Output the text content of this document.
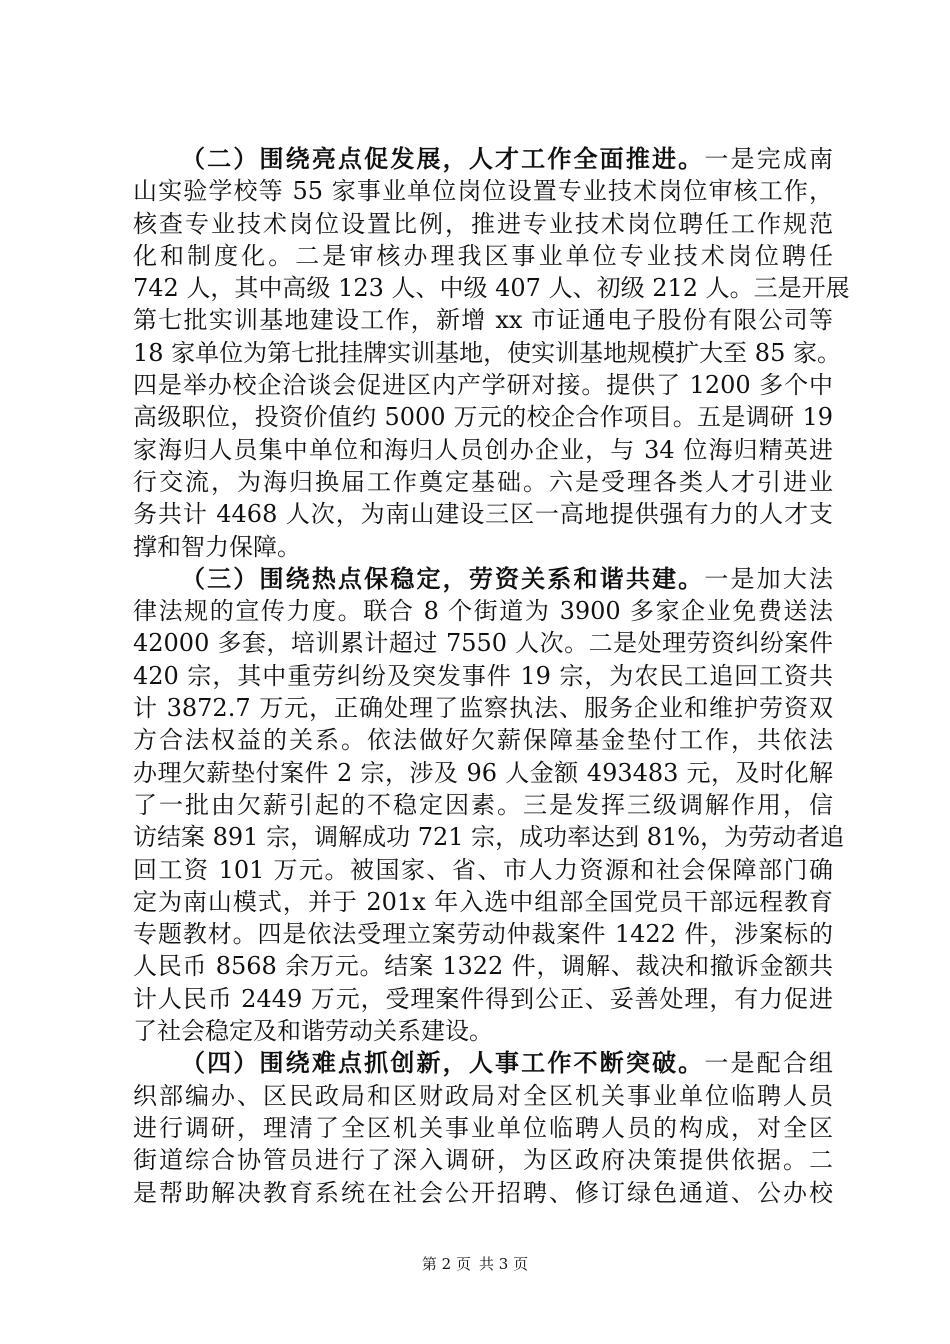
（二）围绕亮点促发展，人才工作全面推进。一是完成南
山实验学校等 55 家事业单位岗位设置专业技术岗位审核工作，
核查专业技术岗位设置比例，推进专业技术岗位聘任工作规范
化和制度化。二是审核办理我区事业单位专业技术岗位聘任
742 人，其中高级 123 人、中级 407 人、初级 212 人。三是开展
第七批实训基地建设工作，新增 xx 市证通电子股份有限公司等
18 家单位为第七批挂牌实训基地，使实训基地规模扩大至 85 家。
四是举办校企洽谈会促进区内产学研对接。提供了 1200 多个中
高级职位，投资价值约 5000 万元的校企合作项目。五是调研 19
家海归人员集中单位和海归人员创办企业，与 34 位海归精英进
行交流，为海归换届工作奠定基础。六是受理各类人才引进业
务共计 4468 人次，为南山建设三区一高地提供强有力的人才支
撑和智力保障。
（三）围绕热点保稳定，劳资关系和谐共建。一是加大法
律法规的宣传力度。联合 8 个街道为 3900 多家企业免费送法
42000 多套，培训累计超过 7550 人次。二是处理劳资纠纷案件
420 宗，其中重劳纠纷及突发事件 19 宗，为农民工追回工资共
计 3872.7 万元，正确处理了监察执法、服务企业和维护劳资双
方合法权益的关系。依法做好欠薪保障基金垫付工作，共依法
办理欠薪垫付案件 2 宗，涉及 96 人金额 493483 元，及时化解
了一批由欠薪引起的不稳定因素。三是发挥三级调解作用，信
访结案 891 宗，调解成功 721 宗，成功率达到 81%，为劳动者追
回工资 101 万元。被国家、省、市人力资源和社会保障部门确
定为南山模式，并于 201x 年入选中组部全国党员干部远程教育
专题教材。四是依法受理立案劳动仲裁案件 1422 件，涉案标的
人民币 8568 余万元。结案 1322 件，调解、裁决和撤诉金额共
计人民币 2449 万元，受理案件得到公正、妥善处理，有力促进
了社会稳定及和谐劳动关系建设。
（四）围绕难点抓创新，人事工作不断突破。一是配合组
织部编办、区民政局和区财政局对全区机关事业单位临聘人员
进行调研，理清了全区机关事业单位临聘人员的构成，对全区
街道综合协管员进行了深入调研，为区政府决策提供依据。二
是帮助解决教育系统在社会公开招聘、修订绿色通道、公办校
第 2 页 共 3 页
